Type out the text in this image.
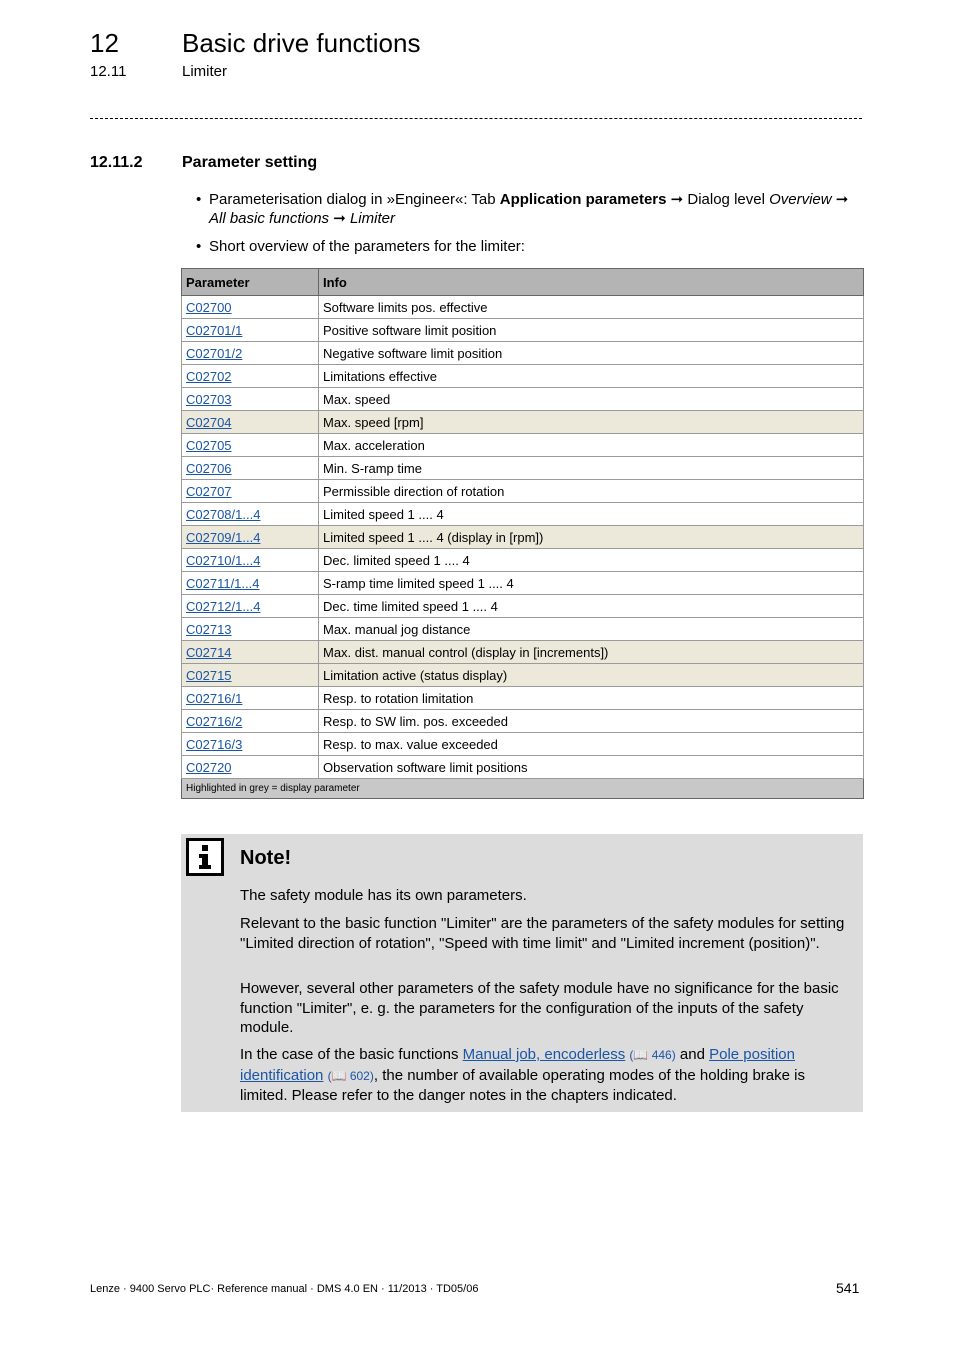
12 Basic drive functions
12.11	Limiter
12.11.2 Parameter setting
• Parameterisation dialog in »Engineer«: Tab Application parameters ➞ Dialog level Overview ➞
All basic functions ➞ Limiter
• Short overview of the parameters for the limiter:
Parameter	Info
C02700	Software limits pos. effective
C02701/1	Positive software limit position
C02701/2	Negative software limit position
C02702	Limitations effective
C02703	Max. speed
C02704	Max. speed [rpm]
C02705	Max. acceleration
C02706	Min. S-ramp time
C02707	Permissible direction of rotation
C02708/1...4	Limited speed 1 .... 4
C02709/1...4	Limited speed 1 .... 4 (display in [rpm])
C02710/1...4	Dec. limited speed 1 .... 4
C02711/1...4	S-ramp time limited speed 1 .... 4
C02712/1...4	Dec. time limited speed 1 .... 4
C02713	Max. manual jog distance
C02714	Max. dist. manual control (display in [increments])
C02715	Limitation active (status display)
C02716/1	Resp. to rotation limitation
C02716/2	Resp. to SW lim. pos. exceeded
C02716/3	Resp. to max. value exceeded
C02720	Observation software limit positions
Highlighted in grey = display parameter	
Note!
The safety module has its own parameters.
Relevant to the basic function "Limiter" are the parameters of the safety modules for setting "Limited direction of rotation", "Speed with time limit" and "Limited increment (position)".
However, several other parameters of the safety module have no significance for the basic function "Limiter", e. g. the parameters for the configuration of the inputs of the safety module.
In the case of the basic functions Manual job, encoderless (📖 446) and Pole position identification (📖 602), the number of available operating modes of the holding brake is limited. Please refer to the danger notes in the chapters indicated.
Lenze · 9400 Servo PLC· Reference manual · DMS 4.0 EN · 11/2013 · TD05/06	541
